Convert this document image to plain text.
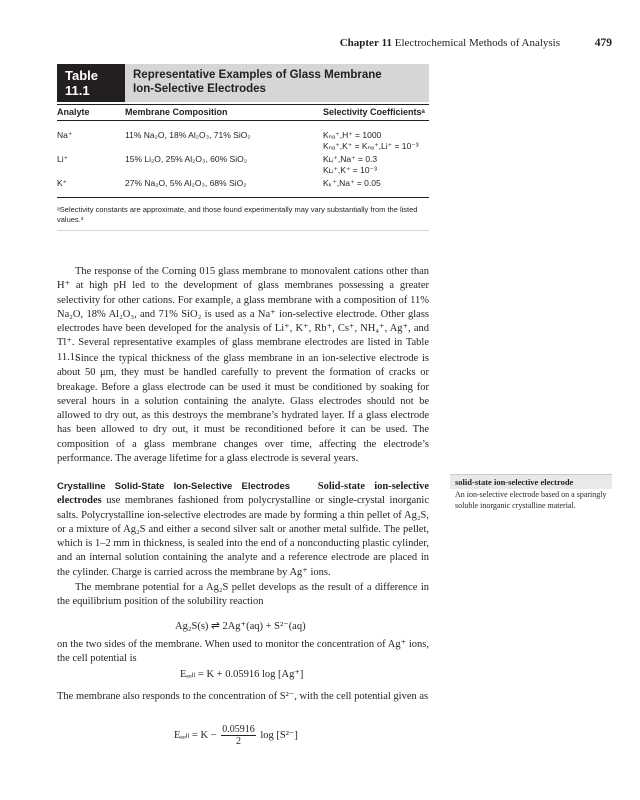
Chapter 11 Electrochemical Methods of Analysis	479
Table 11.1
Representative Examples of Glass Membrane
Ion-Selective Electrodes
Analyte	Membrane Composition	Selectivity Coefficientsᵃ
Na⁺	11% Na₂O, 18% Al₂O₃, 71% SiO₂	Kₙₐ⁺,H⁺ = 1000
Kₙₐ⁺,K⁺ = Kₙₐ⁺,Li⁺ = 10⁻³
Li⁺	15% Li₂O, 25% Al₂O₃, 60% SiO₂	Kʟᵢ⁺,Na⁺ = 0.3
Kʟᵢ⁺,K⁺ = 10⁻³
K⁺	27% Na₂O, 5% Al₂O₃, 68% SiO₂	Kₖ⁺,Na⁺ = 0.05
ᵃSelectivity constants are approximate, and those found experimentally may vary substantially from the listed values.³

The response of the Corning 015 glass membrane to monovalent cations other than H⁺ at high pH led to the development of glass membranes possessing a greater selectivity for other cations. For example, a glass membrane with a composition of 11% Na₂O, 18% Al₂O₃, and 71% SiO₂ is used as a Na⁺ ion-selective electrode. Other glass electrodes have been developed for the analysis of Li⁺, K⁺, Rb⁺, Cs⁺, NH₄⁺, Ag⁺, and Tl⁺. Several representative examples of glass membrane electrodes are listed in Table 11.1.

Since the typical thickness of the glass membrane in an ion-selective electrode is about 50 μm, they must be handled carefully to prevent the formation of cracks or breakage. Before a glass electrode can be used it must be conditioned by soaking for several hours in a solution containing the analyte. Glass electrodes should not be allowed to dry out, as this destroys the membrane’s hydrated layer. If a glass electrode has been allowed to dry out, it must be reconditioned before it can be used. The composition of a glass membrane changes over time, affecting the electrode’s performance. The average lifetime for a glass electrode is several years.

Crystalline Solid-State Ion-Selective Electrodes	Solid-state ion-selective electrodes use membranes fashioned from polycrystalline or single-crystal inorganic salts. Polycrystalline ion-selective electrodes are made by forming a thin pellet of Ag₂S, or a mixture of Ag₂S and either a second silver salt or another metal sulfide. The pellet, which is 1–2 mm in thickness, is sealed into the end of a nonconducting plastic cylinder, and an internal solution containing the analyte and a reference electrode are placed in the cylinder. Charge is carried across the membrane by Ag⁺ ions.

The membrane potential for a Ag₂S pellet develops as the result of a difference in the equilibrium position of the solubility reaction

Ag₂S(s) ⇌ 2Ag⁺(aq) + S²⁻(aq)

on the two sides of the membrane. When used to monitor the concentration of Ag⁺ ions, the cell potential is

Eₑₑₗₗ = K + 0.05916 log [Ag⁺]

The membrane also responds to the concentration of S²⁻, with the cell potential given as

$E_{eell} = K - \frac{0.05916}{2}$ log [S²⁻]
solid-state ion-selective electrode
An ion-selective electrode based on a sparingly soluble inorganic crystalline material.
